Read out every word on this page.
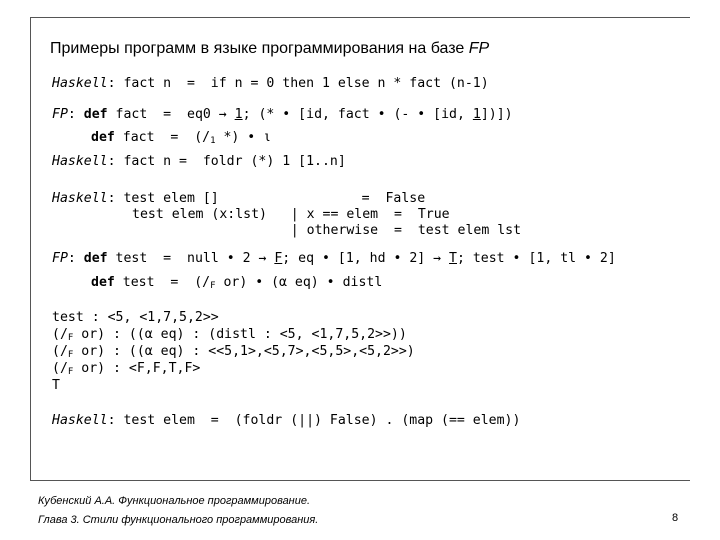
Примеры программ в языке программирования на базе FP
Haskell: fact n  =  if n = 0 then 1 else n * fact (n-1)
FP: def fact  =  eq0 → 1; (* • [id, fact • (- • [id, 1])])
def fact  =  ($/_1$ *) • ι
Haskell: fact n =  foldr (*) 1 [1..n]
Haskell: test elem []                  =  False
test elem (x:lst)   | x == elem  =  True
| otherwise  =  test elem lst
FP: def test  =  null • 2 → F; eq • [1, hd • 2] → T; test • [1, tl • 2]
def test  =  ($/_F$ or) • (α eq) • distl
test : <5, <1,7,5,2>>
($/_F$ or) : ((α eq) : (distl : <5, <1,7,5,2>>))
($/_F$ or) : ((α eq) : <<5,1>,<5,7>,<5,5>,<5,2>>)
($/_F$ or) : <F,F,T,F>
T
Haskell: test elem  =  (foldr (||) False) . (map (== elem))
Кубенский А.А. Функциональное программирование.
Глава 3. Стили функционального программирования.	8
